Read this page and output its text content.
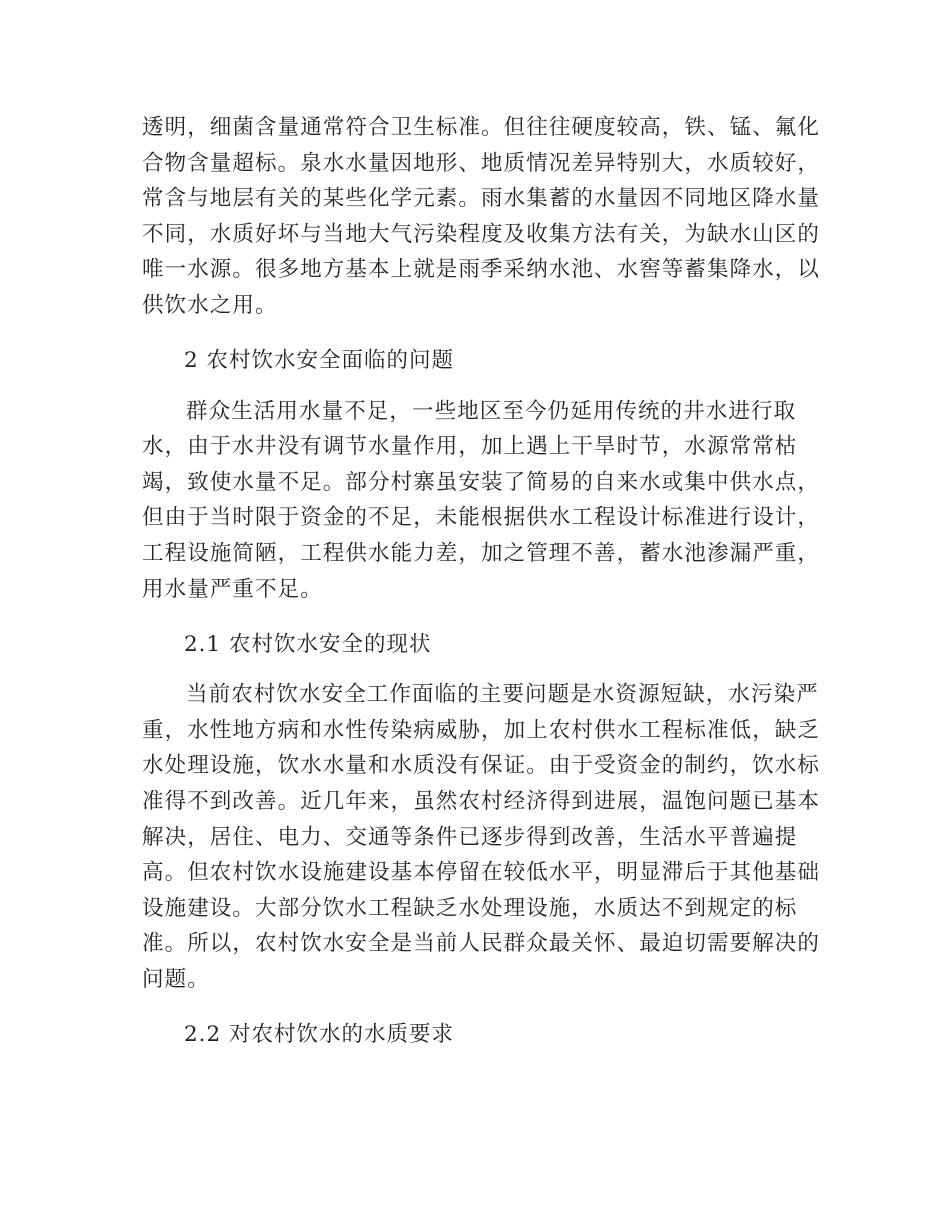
透明，细菌含量通常符合卫生标准。但往往硬度较高，铁、锰、氟化
合物含量超标。泉水水量因地形、地质情况差异特别大，水质较好，
常含与地层有关的某些化学元素。雨水集蓄的水量因不同地区降水量
不同，水质好坏与当地大气污染程度及收集方法有关，为缺水山区的
唯一水源。很多地方基本上就是雨季采纳水池、水窖等蓄集降水，以
供饮水之用。
2 农村饮水安全面临的问题
群众生活用水量不足，一些地区至今仍延用传统的井水进行取
水，由于水井没有调节水量作用，加上遇上干旱时节，水源常常枯
竭，致使水量不足。部分村寨虽安装了简易的自来水或集中供水点，
但由于当时限于资金的不足，未能根据供水工程设计标准进行设计，
工程设施简陋，工程供水能力差，加之管理不善，蓄水池渗漏严重，
用水量严重不足。
2.1 农村饮水安全的现状
当前农村饮水安全工作面临的主要问题是水资源短缺，水污染严
重，水性地方病和水性传染病威胁，加上农村供水工程标准低，缺乏
水处理设施，饮水水量和水质没有保证。由于受资金的制约，饮水标
准得不到改善。近几年来，虽然农村经济得到进展，温饱问题已基本
解决，居住、电力、交通等条件已逐步得到改善，生活水平普遍提
高。但农村饮水设施建设基本停留在较低水平，明显滞后于其他基础
设施建设。大部分饮水工程缺乏水处理设施，水质达不到规定的标
准。所以，农村饮水安全是当前人民群众最关怀、最迫切需要解决的
问题。
2.2 对农村饮水的水质要求
